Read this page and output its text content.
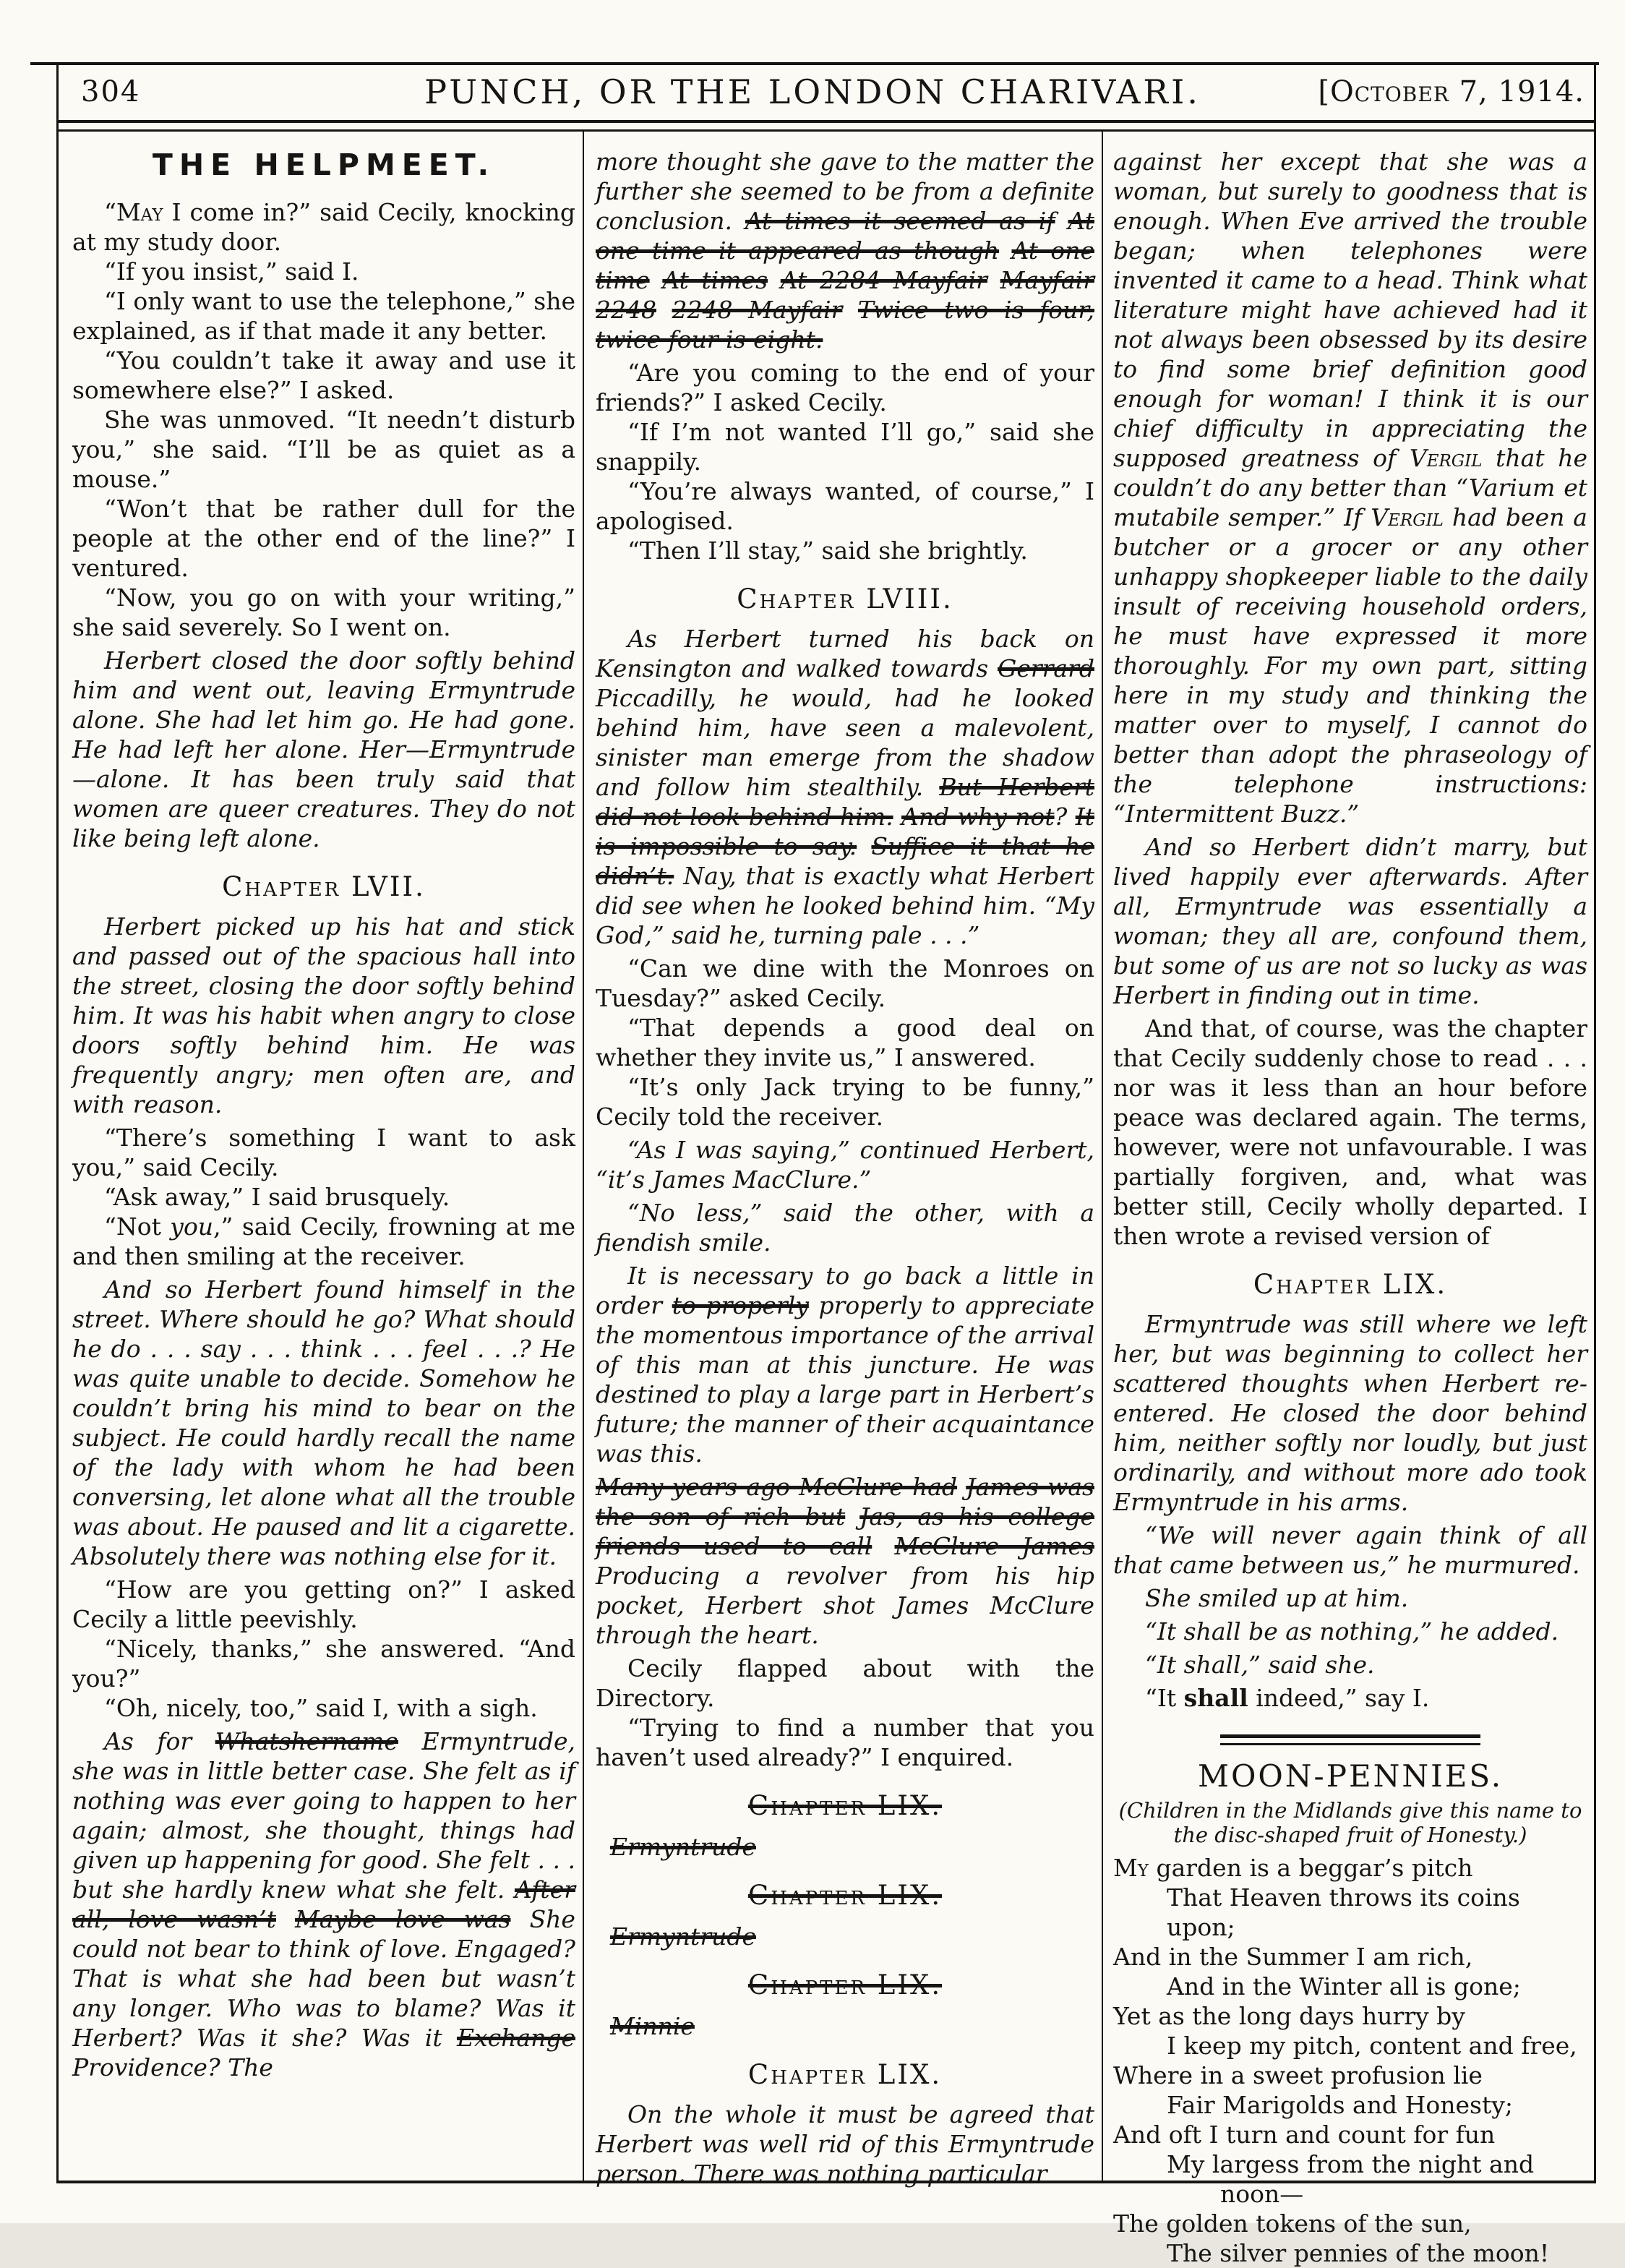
304	PUNCH, OR THE LONDON CHARIVARI.	[October 7, 1914.
THE HELPMEET.

“May I come in?” said Cecily, knocking at my study door.

“If you insist,” said I.

“I only want to use the telephone,” she explained, as if that made it any better.

“You couldn’t take it away and use it somewhere else?” I asked.

She was unmoved. “It needn’t disturb you,” she said. “I’ll be as quiet as a mouse.”

“Won’t that be rather dull for the people at the other end of the line?” I ventured.

“Now, you go on with your writing,” she said severely. So I went on.

Herbert closed the door softly behind him and went out, leaving Ermyntrude alone. She had let him go. He had gone. He had left her alone. Her—Ermyntrude—alone. It has been truly said that women are queer creatures. They do not like being left alone.

Chapter LVII.

Herbert picked up his hat and stick and passed out of the spacious hall into the street, closing the door softly behind him. It was his habit when angry to close doors softly behind him. He was frequently angry; men often are, and with reason.

“There’s something I want to ask you,” said Cecily.

“Ask away,” I said brusquely.

“Not you,” said Cecily, frowning at me and then smiling at the receiver.

And so Herbert found himself in the street. Where should he go? What should he do . . . say . . . think . . . feel . . .? He was quite unable to decide. Somehow he couldn’t bring his mind to bear on the subject. He could hardly recall the name of the lady with whom he had been conversing, let alone what all the trouble was about. He paused and lit a cigarette. Absolutely there was nothing else for it.

“How are you getting on?” I asked Cecily a little peevishly.

“Nicely, thanks,” she answered. “And you?”

“Oh, nicely, too,” said I, with a sigh.

As for Whatshername Ermyntrude, she was in little better case. She felt as if nothing was ever going to happen to her again; almost, she thought, things had given up happening for good. She felt . . . but she hardly knew what she felt. After all, love wasn’t Maybe love was She could not bear to think of love. Engaged? That is what she had been but wasn’t any longer. Who was to blame? Was it Herbert? Was it she? Was it Exchange Providence? The

more thought she gave to the matter the further she seemed to be from a definite conclusion. At times it seemed as if At one time it appeared as though At one time At times At 2284 Mayfair Mayfair 2248 2248 Mayfair Twice two is four, twice four is eight.

“Are you coming to the end of your friends?” I asked Cecily.

“If I’m not wanted I’ll go,” said she snappily.

“You’re always wanted, of course,” I apologised.

“Then I’ll stay,” said she brightly.

Chapter LVIII.

As Herbert turned his back on Kensington and walked towards Gerrard Piccadilly, he would, had he looked behind him, have seen a malevolent, sinister man emerge from the shadow and follow him stealthily. But Herbert did not look behind him. And why not? It is impossible to say. Suffice it that he didn’t. Nay, that is exactly what Herbert did see when he looked behind him. “My God,” said he, turning pale . . .”

“Can we dine with the Monroes on Tuesday?” asked Cecily.

“That depends a good deal on whether they invite us,” I answered.

“It’s only Jack trying to be funny,” Cecily told the receiver.

“As I was saying,” continued Herbert, “it’s James MacClure.”

“No less,” said the other, with a fiendish smile.

It is necessary to go back a little in order to properly properly to appreciate the momentous importance of the arrival of this man at this juncture. He was destined to play a large part in Herbert’s future; the manner of their acquaintance was this.

Many years ago McClure had James was the son of rich but Jas, as his college friends used to call McClure James Producing a revolver from his hip pocket, Herbert shot James McClure through the heart.

Cecily flapped about with the Directory.

“Trying to find a number that you haven’t used already?” I enquired.

Chapter LIX.
Ermyntrude
Chapter LIX.
Ermyntrude
Chapter LIX.
Minnie
Chapter LIX.

On the whole it must be agreed that Herbert was well rid of this Ermyntrude person. There was nothing particular

against her except that she was a woman, but surely to goodness that is enough. When Eve arrived the trouble began; when telephones were invented it came to a head. Think what literature might have achieved had it not always been obsessed by its desire to find some brief definition good enough for woman! I think it is our chief difficulty in appreciating the supposed greatness of Vergil that he couldn’t do any better than “Varium et mutabile semper.” If Vergil had been a butcher or a grocer or any other unhappy shopkeeper liable to the daily insult of receiving household orders, he must have expressed it more thoroughly. For my own part, sitting here in my study and thinking the matter over to myself, I cannot do better than adopt the phraseology of the telephone instructions: “Intermittent Buzz.”

And so Herbert didn’t marry, but lived happily ever afterwards. After all, Ermyntrude was essentially a woman; they all are, confound them, but some of us are not so lucky as was Herbert in finding out in time.

And that, of course, was the chapter that Cecily suddenly chose to read . . . nor was it less than an hour before peace was declared again. The terms, however, were not unfavourable. I was partially forgiven, and, what was better still, Cecily wholly departed. I then wrote a revised version of

Chapter LIX.

Ermyntrude was still where we left her, but was beginning to collect her scattered thoughts when Herbert re-entered. He closed the door behind him, neither softly nor loudly, but just ordinarily, and without more ado took Ermyntrude in his arms.

“We will never again think of all that came between us,” he murmured.

She smiled up at him.

“It shall be as nothing,” he added.

“It shall,” said she.

“It shall indeed,” say I.

MOON-PENNIES.
(Children in the Midlands give this name to the disc-shaped fruit of Honesty.)
My garden is a beggar’s pitch
That Heaven throws its coins upon;
And in the Summer I am rich,
And in the Winter all is gone;
Yet as the long days hurry by
I keep my pitch, content and free,
Where in a sweet profusion lie
Fair Marigolds and Honesty;
And oft I turn and count for fun
My largess from the night and
noon—
The golden tokens of the sun,
The silver pennies of the moon!
